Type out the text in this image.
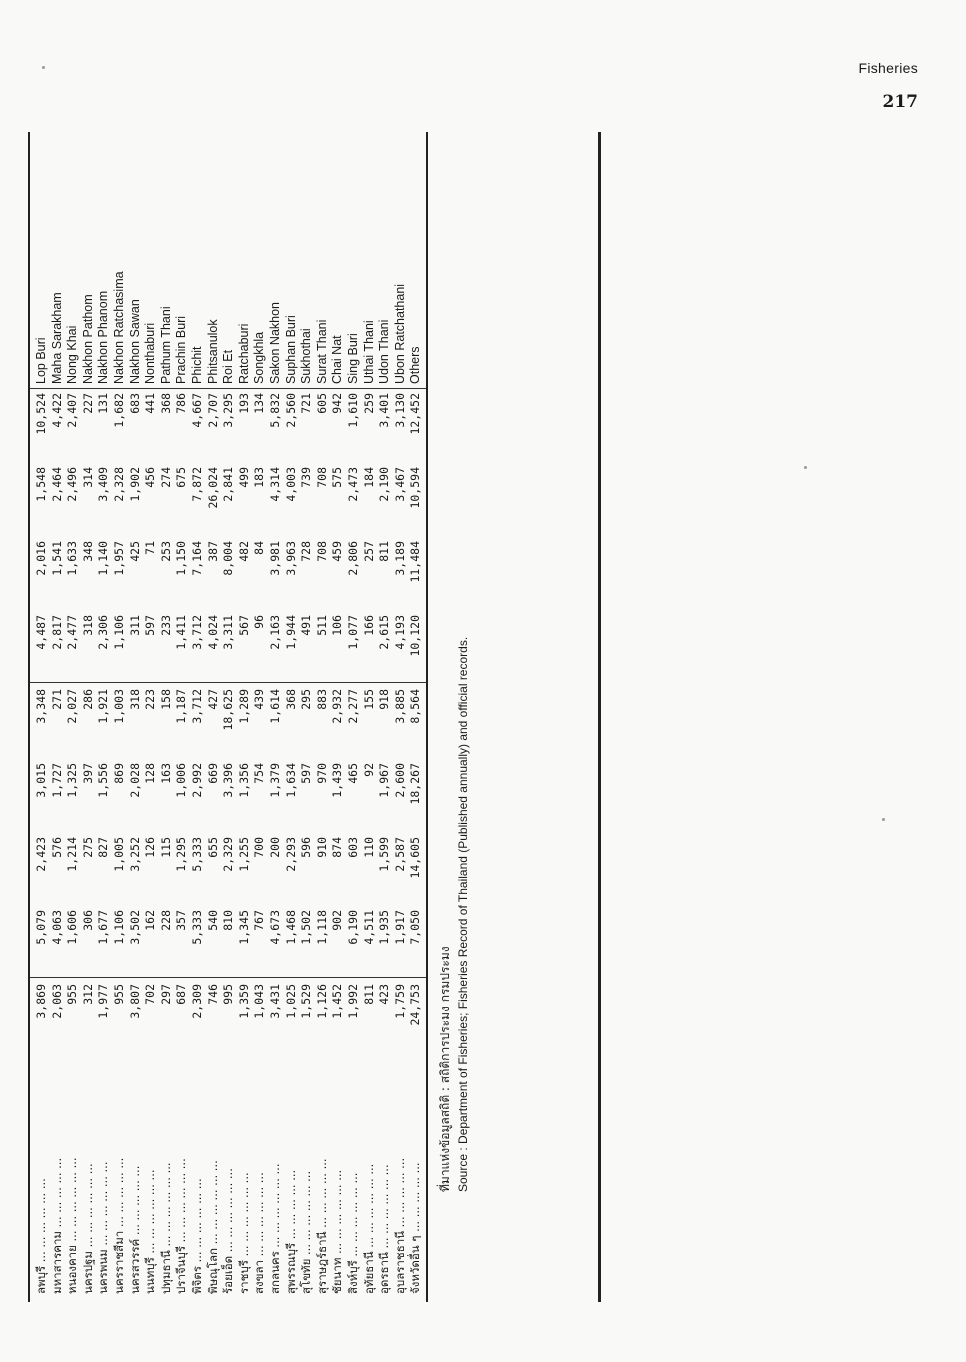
Fisheries
217
ลพบุรี ... ... ... ... ... ...
3,869
5,079
2,423
3,015
3,348
4,487
2,016
1,548
10,524
Lop Buri
มหาสารคาม ... ... ... ... ...
2,063
4,063
576
1,727
271
2,817
1,541
2,464
4,422
Maha Sarakham
หนองคาย ... ... ... ... ... ...
955
1,606
1,214
1,325
2,027
2,477
1,633
2,496
2,407
Nong Khai
นครปฐม ... ... ... ... ... ...
312
306
275
397
286
318
348
314
227
Nakhon Pathom
นครพนม ... ... ... ... ... ...
1,977
1,677
827
1,556
1,921
2,306
1,140
3,409
131
Nakhon Phanom
นครราชสีมา ... ... ... ... ...
955
1,106
1,005
869
1,003
1,106
1,957
2,328
1,682
Nakhon Ratchasima
นครสวรรค์ ... ... ... ... ...
3,807
3,502
3,252
2,028
318
311
425
1,902
683
Nakhon Sawan
นนทบุรี ... ... ... ... ... ...
702
162
126
128
223
597
71
456
441
Nonthaburi
ปทุมธานี ... ... ... ... ... ...
297
228
115
163
158
233
253
274
368
Pathum Thani
ปราจีนบุรี ... ... ... ... ... ...
687
357
1,295
1,006
1,187
1,411
1,150
675
786
Prachin Buri
พิจิตร ... ... ... ... ... ...
2,309
5,333
5,333
2,992
3,712
3,712
7,164
7,872
4,667
Phichit
พิษณุโลก ... ... ... ... ... ...
746
540
655
669
427
4,024
387
26,024
2,707
Phitsanulok
ร้อยเอ็ด ... ... ... ... ... ...
995
810
2,329
3,396
18,625
3,311
8,004
2,841
3,295
Roi Et
ราชบุรี ... ... ... ... ... ...
1,359
1,345
1,255
1,356
1,289
567
482
499
193
Ratchaburi
สงขลา ... ... ... ... ... ...
1,043
767
700
754
439
96
84
183
134
Songkhla
สกลนคร ... ... ... ... ... ...
3,431
4,673
200
1,379
1,614
2,163
3,981
4,314
5,832
Sakon Nakhon
สุพรรณบุรี ... ... ... ... ...
1,025
1,468
2,293
1,634
368
1,944
3,963
4,003
2,560
Suphan Buri
สุโขทัย ... ... ... ... ... ...
1,529
1,502
596
597
295
491
728
739
721
Sukhothai
สุราษฎร์ธานี ... ... ... ... ...
1,126
1,118
910
970
883
511
708
708
605
Surat Thani
ชัยนาท ... ... ... ... ... ...
1,452
902
874
1,439
2,932
106
459
575
942
Chai Nat
สิงห์บุรี ... ... ... ... ... ...
1,992
6,190
603
465
2,277
1,077
2,806
2,473
1,610
Sing Buri
อุทัยธานี ... ... ... ... ... ...
811
4,511
110
92
155
166
257
184
259
Uthai Thani
อุดรธานี ... ... ... ... ... ...
423
1,935
1,599
1,967
918
2,615
811
2,190
3,401
Udon Thani
อุบลราชธานี ... ... ... ... ...
1,759
1,917
2,587
2,600
3,885
4,193
3,189
3,467
3,130
Ubon Ratchathani
จังหวัดอื่น ๆ ... ... ... ... ...
24,753
7,050
14,605
18,267
8,564
10,120
11,484
10,594
12,452
Others
ที่มาแห่งข้อมูลสถิติ : สถิติการประมง กรมประมง Source : Department of Fisheries; Fisheries Record of Thailand (Published annually) and official records.
